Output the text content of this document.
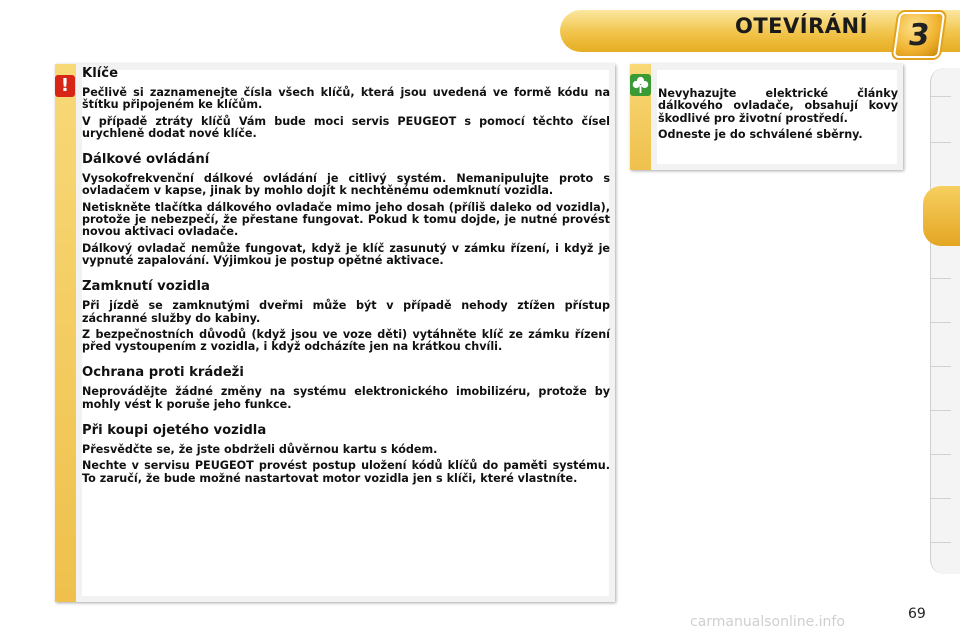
OTEVÍRÁNÍ	3
!
Klíče

Pečlivě si zaznamenejte čísla všech klíčů, která jsou uvedená ve formě kódu na štítku připojeném ke klíčům.

V případě ztráty klíčů Vám bude moci servis PEUGEOT s pomocí těchto čísel urychleně dodat nové klíče.

Dálkové ovládání

Vysokofrekvenční dálkové ovládání je citlivý systém. Nemanipulujte proto s ovladačem v kapse, jinak by mohlo dojít k nechtěnému odemknutí vozidla.

Netiskněte tlačítka dálkového ovladače mimo jeho dosah (příliš daleko od vozidla), protože je nebezpečí, že přestane fungovat. Pokud k tomu dojde, je nutné provést novou aktivaci ovladače.

Dálkový ovladač nemůže fungovat, když je klíč zasunutý v zámku řízení, i když je vypnuté zapalování. Výjimkou je postup opětné aktivace.

Zamknutí vozidla

Při jízdě se zamknutými dveřmi může být v případě nehody ztížen přístup záchranné služby do kabiny.

Z bezpečnostních důvodů (když jsou ve voze děti) vytáhněte klíč ze zámku řízení před vystoupením z vozidla, i když odcházíte jen na krátkou chvíli.

Ochrana proti krádeži

Neprovádějte žádné změny na systému elektronického imobilizéru, protože by mohly vést k poruše jeho funkce.

Při koupi ojetého vozidla

Přesvědčte se, že jste obdrželi důvěrnou kartu s kódem.

Nechte v servisu PEUGEOT provést postup uložení kódů klíčů do paměti systému. To zaručí, že bude možné nastartovat motor vozidla jen s klíči, které vlastníte.

Nevyhazujte elektrické články dálkového ovladače, obsahují kovy škodlivé pro životní prostředí.

Odneste je do schválené sběrny.

carmanualsonline.info	69
